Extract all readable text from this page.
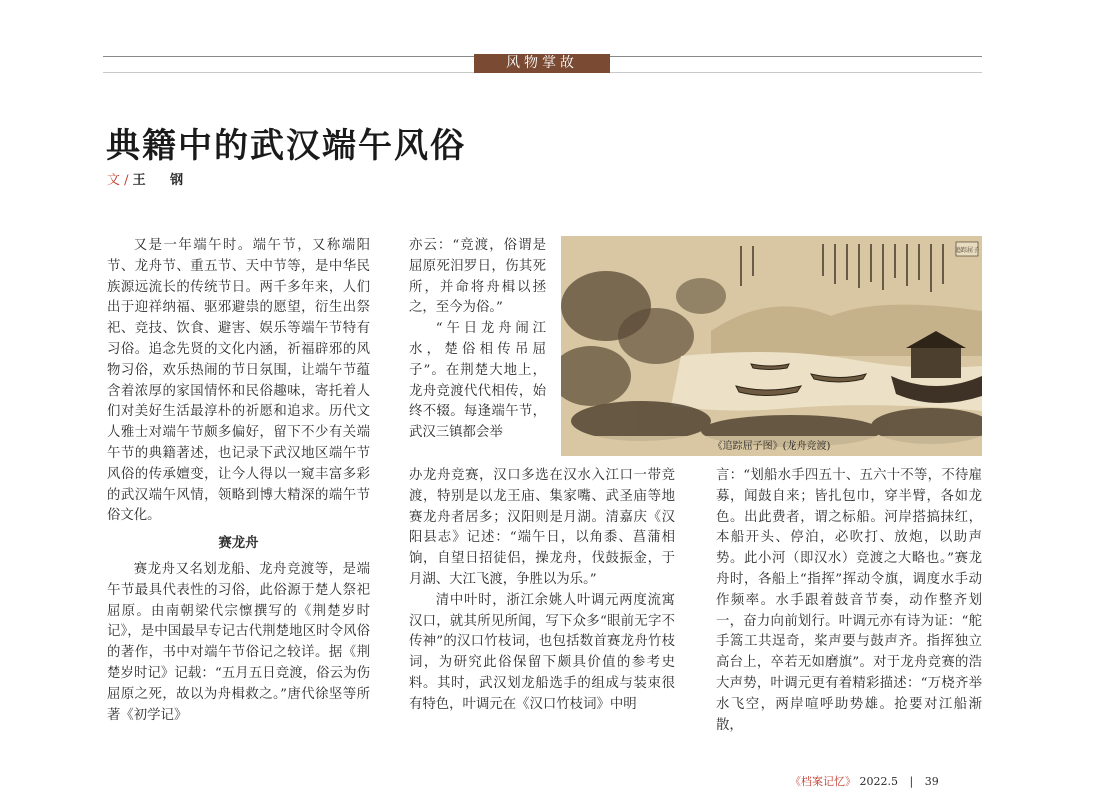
风物掌故
典籍中的武汉端午风俗
文 / 王 钢

又是一年端午时。端午节，又称端阳节、龙舟节、重五节、天中节等，是中华民族源远流长的传统节日。两千多年来，人们出于迎祥纳福、驱邪避祟的愿望，衍生出祭祀、竞技、饮食、避害、娱乐等端午节特有习俗。追念先贤的文化内涵，祈福辟邪的风物习俗，欢乐热闹的节日氛围，让端午节蕴含着浓厚的家国情怀和民俗趣味，寄托着人们对美好生活最淳朴的祈愿和追求。历代文人雅士对端午节颇多偏好，留下不少有关端午节的典籍著述，也记录下武汉地区端午节风俗的传承嬗变，让今人得以一窥丰富多彩的武汉端午风情，领略到博大精深的端午节俗文化。

赛龙舟

赛龙舟又名划龙船、龙舟竞渡等，是端午节最具代表性的习俗，此俗源于楚人祭祀屈原。由南朝梁代宗懔撰写的《荆楚岁时记》，是中国最早专记古代荆楚地区时令风俗的著作，书中对端午节俗记之较详。据《荆楚岁时记》记载：“五月五日竞渡，俗云为伤屈原之死，故以为舟楫救之。”唐代徐坚等所著《初学记》

亦云：“竞渡，俗谓是屈原死汨罗日，伤其死所，并命将舟楫以拯之，至今为俗。”

“午日龙舟闹江水，楚俗相传吊屈子”。在荆楚大地上，龙舟竞渡代代相传，始终不辍。每逢端午节，武汉三镇都会举

追踪屈子
《追踪屈子图》(龙舟竞渡)

办龙舟竞赛，汉口多选在汉水入江口一带竞渡，特别是以龙王庙、集家嘴、武圣庙等地赛龙舟者居多；汉阳则是月湖。清嘉庆《汉阳县志》记述：“端午日，以角黍、菖蒲相饷，自望日招徒侣，操龙舟，伐鼓振金，于月湖、大江飞渡，争胜以为乐。”

清中叶时，浙江余姚人叶调元两度流寓汉口，就其所见所闻，写下众多“眼前无字不传神”的汉口竹枝词，也包括数首赛龙舟竹枝词，为研究此俗保留下颇具价值的参考史料。其时，武汉划龙船选手的组成与装束很有特色，叶调元在《汉口竹枝词》中明

言：“划船水手四五十、五六十不等，不待雇募，闻鼓自来；皆扎包巾，穿半臂，各如龙色。出此费者，谓之标船。河岸搭搞抹红，本船开头、停泊，必吹打、放炮，以助声势。此小河（即汉水）竞渡之大略也。”赛龙舟时，各船上“指挥”挥动令旗，调度水手动作频率。水手跟着鼓音节奏，动作整齐划一，奋力向前划行。叶调元亦有诗为证：“舵手篙工共逞奇，桨声要与鼓声齐。指挥独立高台上，卒若无如磨旗”。对于龙舟竞赛的浩大声势，叶调元更有着精彩描述：“万桡齐举水飞空，两岸喧呼助势雄。抢要对江船渐散，

《档案记忆》 2022.5 | 39
